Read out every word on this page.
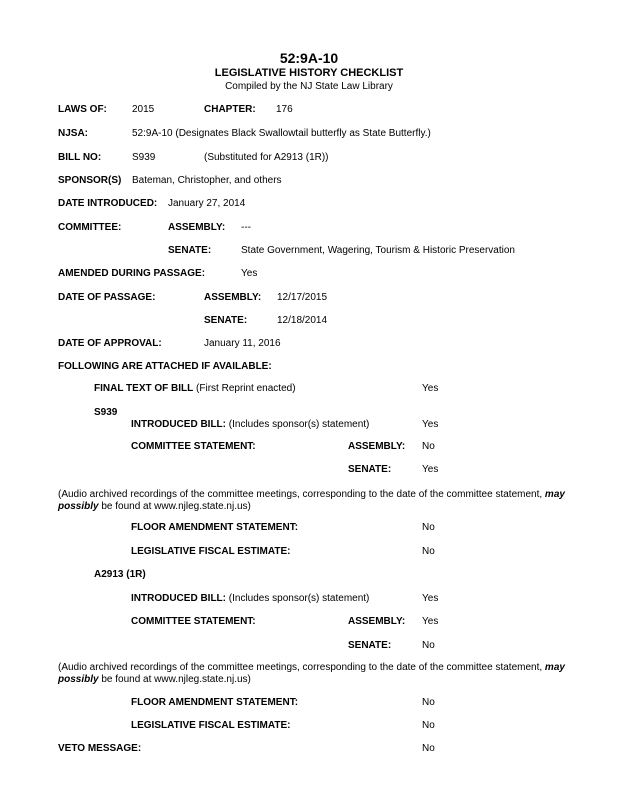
52:9A-10
LEGISLATIVE HISTORY CHECKLIST
Compiled by the NJ State Law Library
LAWS OF:	2015	CHAPTER: 176
NJSA:	52:9A-10 (Designates Black Swallowtail butterfly as State Butterfly.)
BILL NO:	S939	(Substituted for A2913 (1R))
SPONSOR(S) Bateman, Christopher, and others
DATE INTRODUCED: January 27, 2014
COMMITTEE:	ASSEMBLY: ---
SENATE:	State Government, Wagering, Tourism & Historic Preservation
AMENDED DURING PASSAGE:	Yes
DATE OF PASSAGE:	ASSEMBLY: 12/17/2015
SENATE:	12/18/2014
DATE OF APPROVAL:	January 11, 2016
FOLLOWING ARE ATTACHED IF AVAILABLE:
FINAL TEXT OF BILL (First Reprint enacted)	Yes
S939
INTRODUCED BILL: (Includes sponsor(s) statement)	Yes
COMMITTEE STATEMENT:	ASSEMBLY: No
SENATE:	Yes
(Audio archived recordings of the committee meetings, corresponding to the date of the committee statement, may possibly be found at www.njleg.state.nj.us)
FLOOR AMENDMENT STATEMENT:	No
LEGISLATIVE FISCAL ESTIMATE:	No
A2913 (1R)
INTRODUCED BILL: (Includes sponsor(s) statement)	Yes
COMMITTEE STATEMENT:	ASSEMBLY: Yes
SENATE:	No
(Audio archived recordings of the committee meetings, corresponding to the date of the committee statement, may possibly be found at www.njleg.state.nj.us)
FLOOR AMENDMENT STATEMENT:	No
LEGISLATIVE FISCAL ESTIMATE:	No
VETO MESSAGE:	No
